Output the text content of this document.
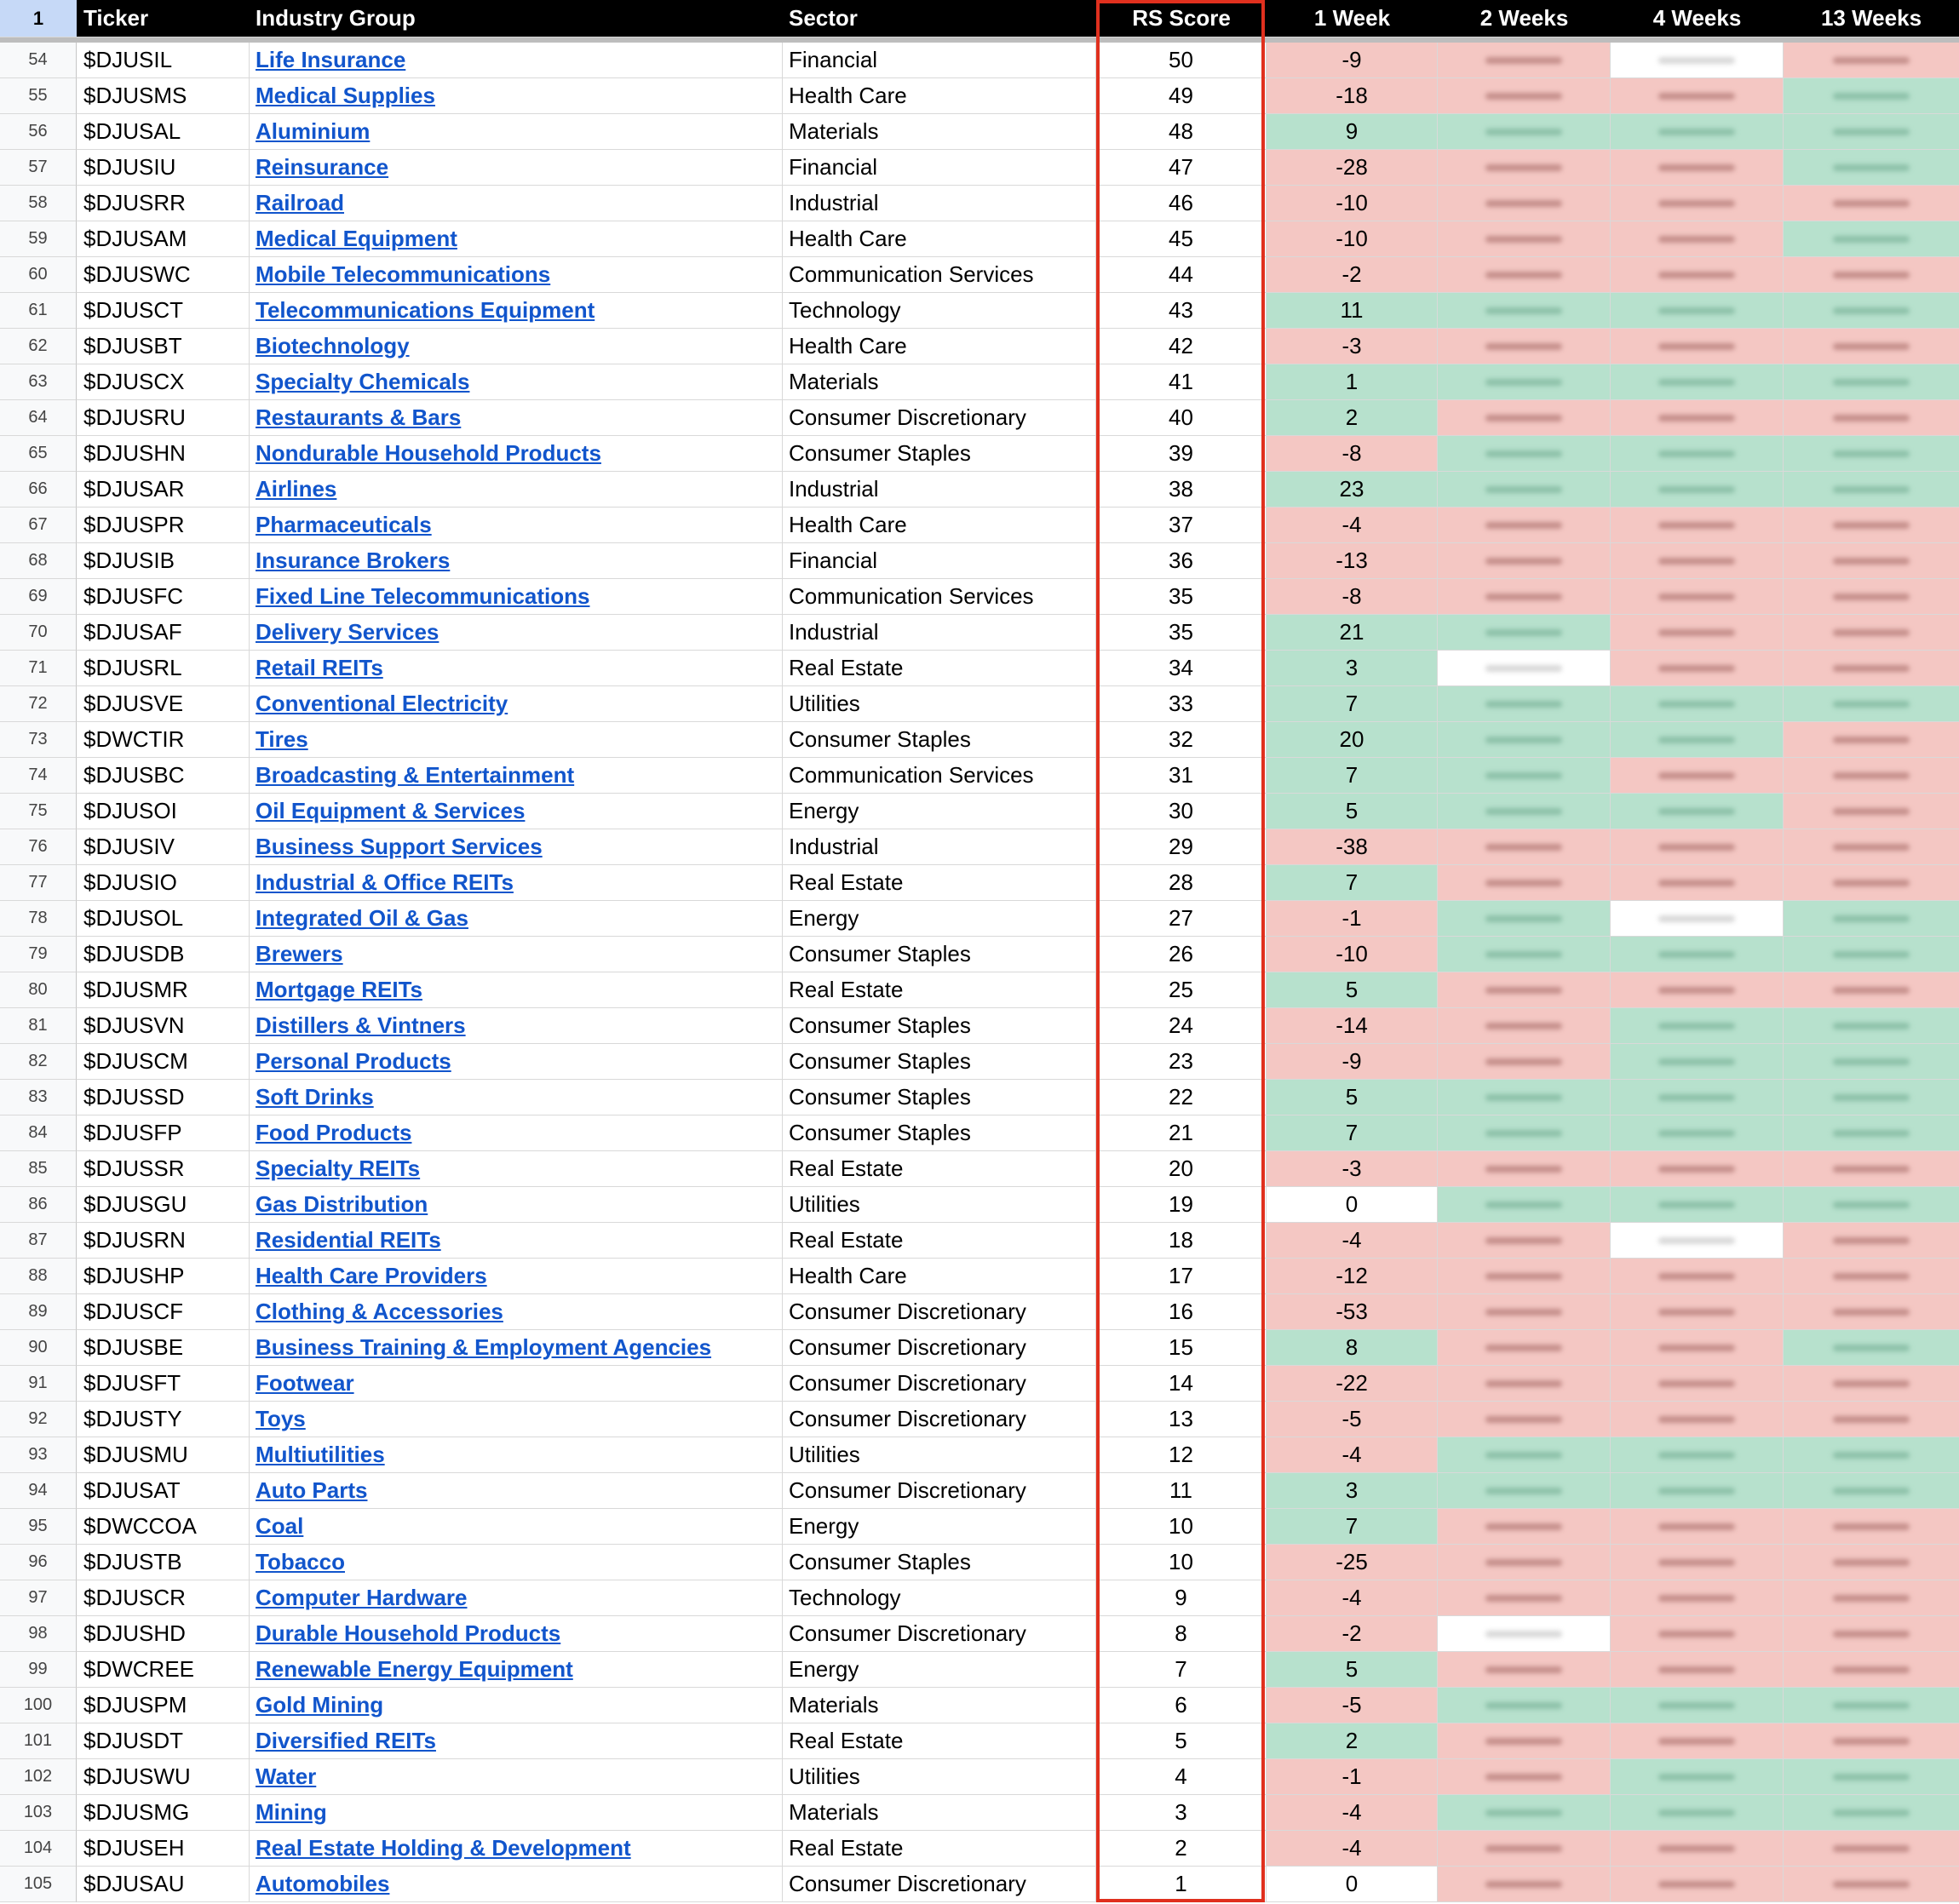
1	Ticker	Industry Group	Sector	RS Score	1 Week	2 Weeks	4 Weeks	13 Weeks
54	$DJUSIL	Life Insurance	Financial	50	-9
55	$DJUSMS	Medical Supplies	Health Care	49	-18
56	$DJUSAL	Aluminium	Materials	48	9
57	$DJUSIU	Reinsurance	Financial	47	-28
58	$DJUSRR	Railroad	Industrial	46	-10
59	$DJUSAM	Medical Equipment	Health Care	45	-10
60	$DJUSWC	Mobile Telecommunications	Communication Services	44	-2
61	$DJUSCT	Telecommunications Equipment	Technology	43	11
62	$DJUSBT	Biotechnology	Health Care	42	-3
63	$DJUSCX	Specialty Chemicals	Materials	41	1
64	$DJUSRU	Restaurants & Bars	Consumer Discretionary	40	2
65	$DJUSHN	Nondurable Household Products	Consumer Staples	39	-8
66	$DJUSAR	Airlines	Industrial	38	23
67	$DJUSPR	Pharmaceuticals	Health Care	37	-4
68	$DJUSIB	Insurance Brokers	Financial	36	-13
69	$DJUSFC	Fixed Line Telecommunications	Communication Services	35	-8
70	$DJUSAF	Delivery Services	Industrial	35	21
71	$DJUSRL	Retail REITs	Real Estate	34	3
72	$DJUSVE	Conventional Electricity	Utilities	33	7
73	$DWCTIR	Tires	Consumer Staples	32	20
74	$DJUSBC	Broadcasting & Entertainment	Communication Services	31	7
75	$DJUSOI	Oil Equipment & Services	Energy	30	5
76	$DJUSIV	Business Support Services	Industrial	29	-38
77	$DJUSIO	Industrial & Office REITs	Real Estate	28	7
78	$DJUSOL	Integrated Oil & Gas	Energy	27	-1
79	$DJUSDB	Brewers	Consumer Staples	26	-10
80	$DJUSMR	Mortgage REITs	Real Estate	25	5
81	$DJUSVN	Distillers & Vintners	Consumer Staples	24	-14
82	$DJUSCM	Personal Products	Consumer Staples	23	-9
83	$DJUSSD	Soft Drinks	Consumer Staples	22	5
84	$DJUSFP	Food Products	Consumer Staples	21	7
85	$DJUSSR	Specialty REITs	Real Estate	20	-3
86	$DJUSGU	Gas Distribution	Utilities	19	0
87	$DJUSRN	Residential REITs	Real Estate	18	-4
88	$DJUSHP	Health Care Providers	Health Care	17	-12
89	$DJUSCF	Clothing & Accessories	Consumer Discretionary	16	-53
90	$DJUSBE	Business Training & Employment Agencies	Consumer Discretionary	15	8
91	$DJUSFT	Footwear	Consumer Discretionary	14	-22
92	$DJUSTY	Toys	Consumer Discretionary	13	-5
93	$DJUSMU	Multiutilities	Utilities	12	-4
94	$DJUSAT	Auto Parts	Consumer Discretionary	11	3
95	$DWCCOA	Coal	Energy	10	7
96	$DJUSTB	Tobacco	Consumer Staples	10	-25
97	$DJUSCR	Computer Hardware	Technology	9	-4
98	$DJUSHD	Durable Household Products	Consumer Discretionary	8	-2
99	$DWCREE	Renewable Energy Equipment	Energy	7	5
100	$DJUSPM	Gold Mining	Materials	6	-5
101	$DJUSDT	Diversified REITs	Real Estate	5	2
102	$DJUSWU	Water	Utilities	4	-1
103	$DJUSMG	Mining	Materials	3	-4
104	$DJUSEH	Real Estate Holding & Development	Real Estate	2	-4
105	$DJUSAU	Automobiles	Consumer Discretionary	1	0
